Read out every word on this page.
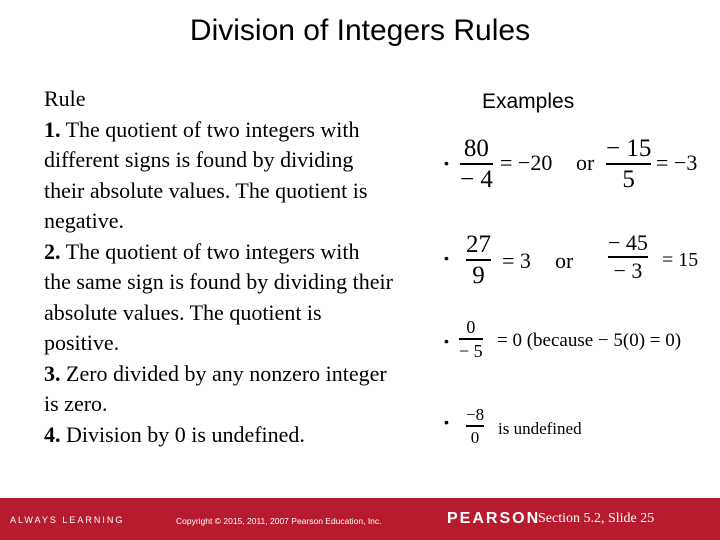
Division of Integers Rules
Rule
1. The quotient of two integers with
different signs is found by dividing
their absolute values. The quotient is
negative.
2. The quotient of two integers with
the same sign is found by dividing their
absolute values. The quotient is
positive.
3. Zero divided by any nonzero integer
is zero.
4. Division by 0 is undefined.
Examples
•
80
− 4
= −20 or
− 15
5
= −3
• 27
9
= 3 or
− 45
− 3 = 15
•
0
− 5 = 0 (because − 5(0) = 0)
• −8
0 is undefined
ALWAYS LEARNING	Copyright © 2015, 2011, 2007 Pearson Education, Inc.	PEARSON
Section 5.2, Slide 25
